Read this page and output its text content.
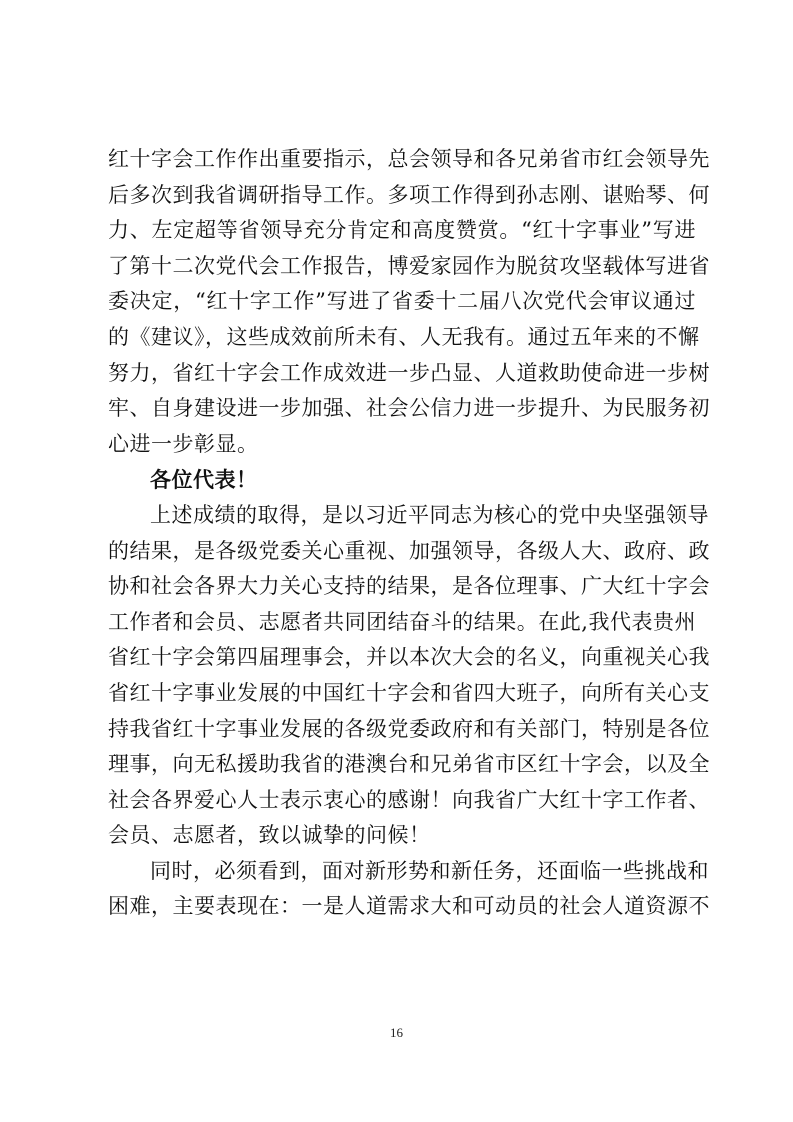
红十字会工作作出重要指示，总会领导和各兄弟省市红会领导先
后多次到我省调研指导工作。多项工作得到孙志刚、谌贻琴、何
力、左定超等省领导充分肯定和高度赞赏。“红十字事业”写进
了第十二次党代会工作报告，博爱家园作为脱贫攻坚载体写进省
委决定，“红十字工作”写进了省委十二届八次党代会审议通过
的《建议》，这些成效前所未有、人无我有。通过五年来的不懈
努力，省红十字会工作成效进一步凸显、人道救助使命进一步树
牢、自身建设进一步加强、社会公信力进一步提升、为民服务初
心进一步彰显。
各位代表！
上述成绩的取得，是以习近平同志为核心的党中央坚强领导
的结果，是各级党委关心重视、加强领导，各级人大、政府、政
协和社会各界大力关心支持的结果，是各位理事、广大红十字会
工作者和会员、志愿者共同团结奋斗的结果。在此,我代表贵州
省红十字会第四届理事会，并以本次大会的名义，向重视关心我
省红十字事业发展的中国红十字会和省四大班子，向所有关心支
持我省红十字事业发展的各级党委政府和有关部门，特别是各位
理事，向无私援助我省的港澳台和兄弟省市区红十字会，以及全
社会各界爱心人士表示衷心的感谢！向我省广大红十字工作者、
会员、志愿者，致以诚挚的问候！
同时，必须看到，面对新形势和新任务，还面临一些挑战和
困难，主要表现在：一是人道需求大和可动员的社会人道资源不
16
